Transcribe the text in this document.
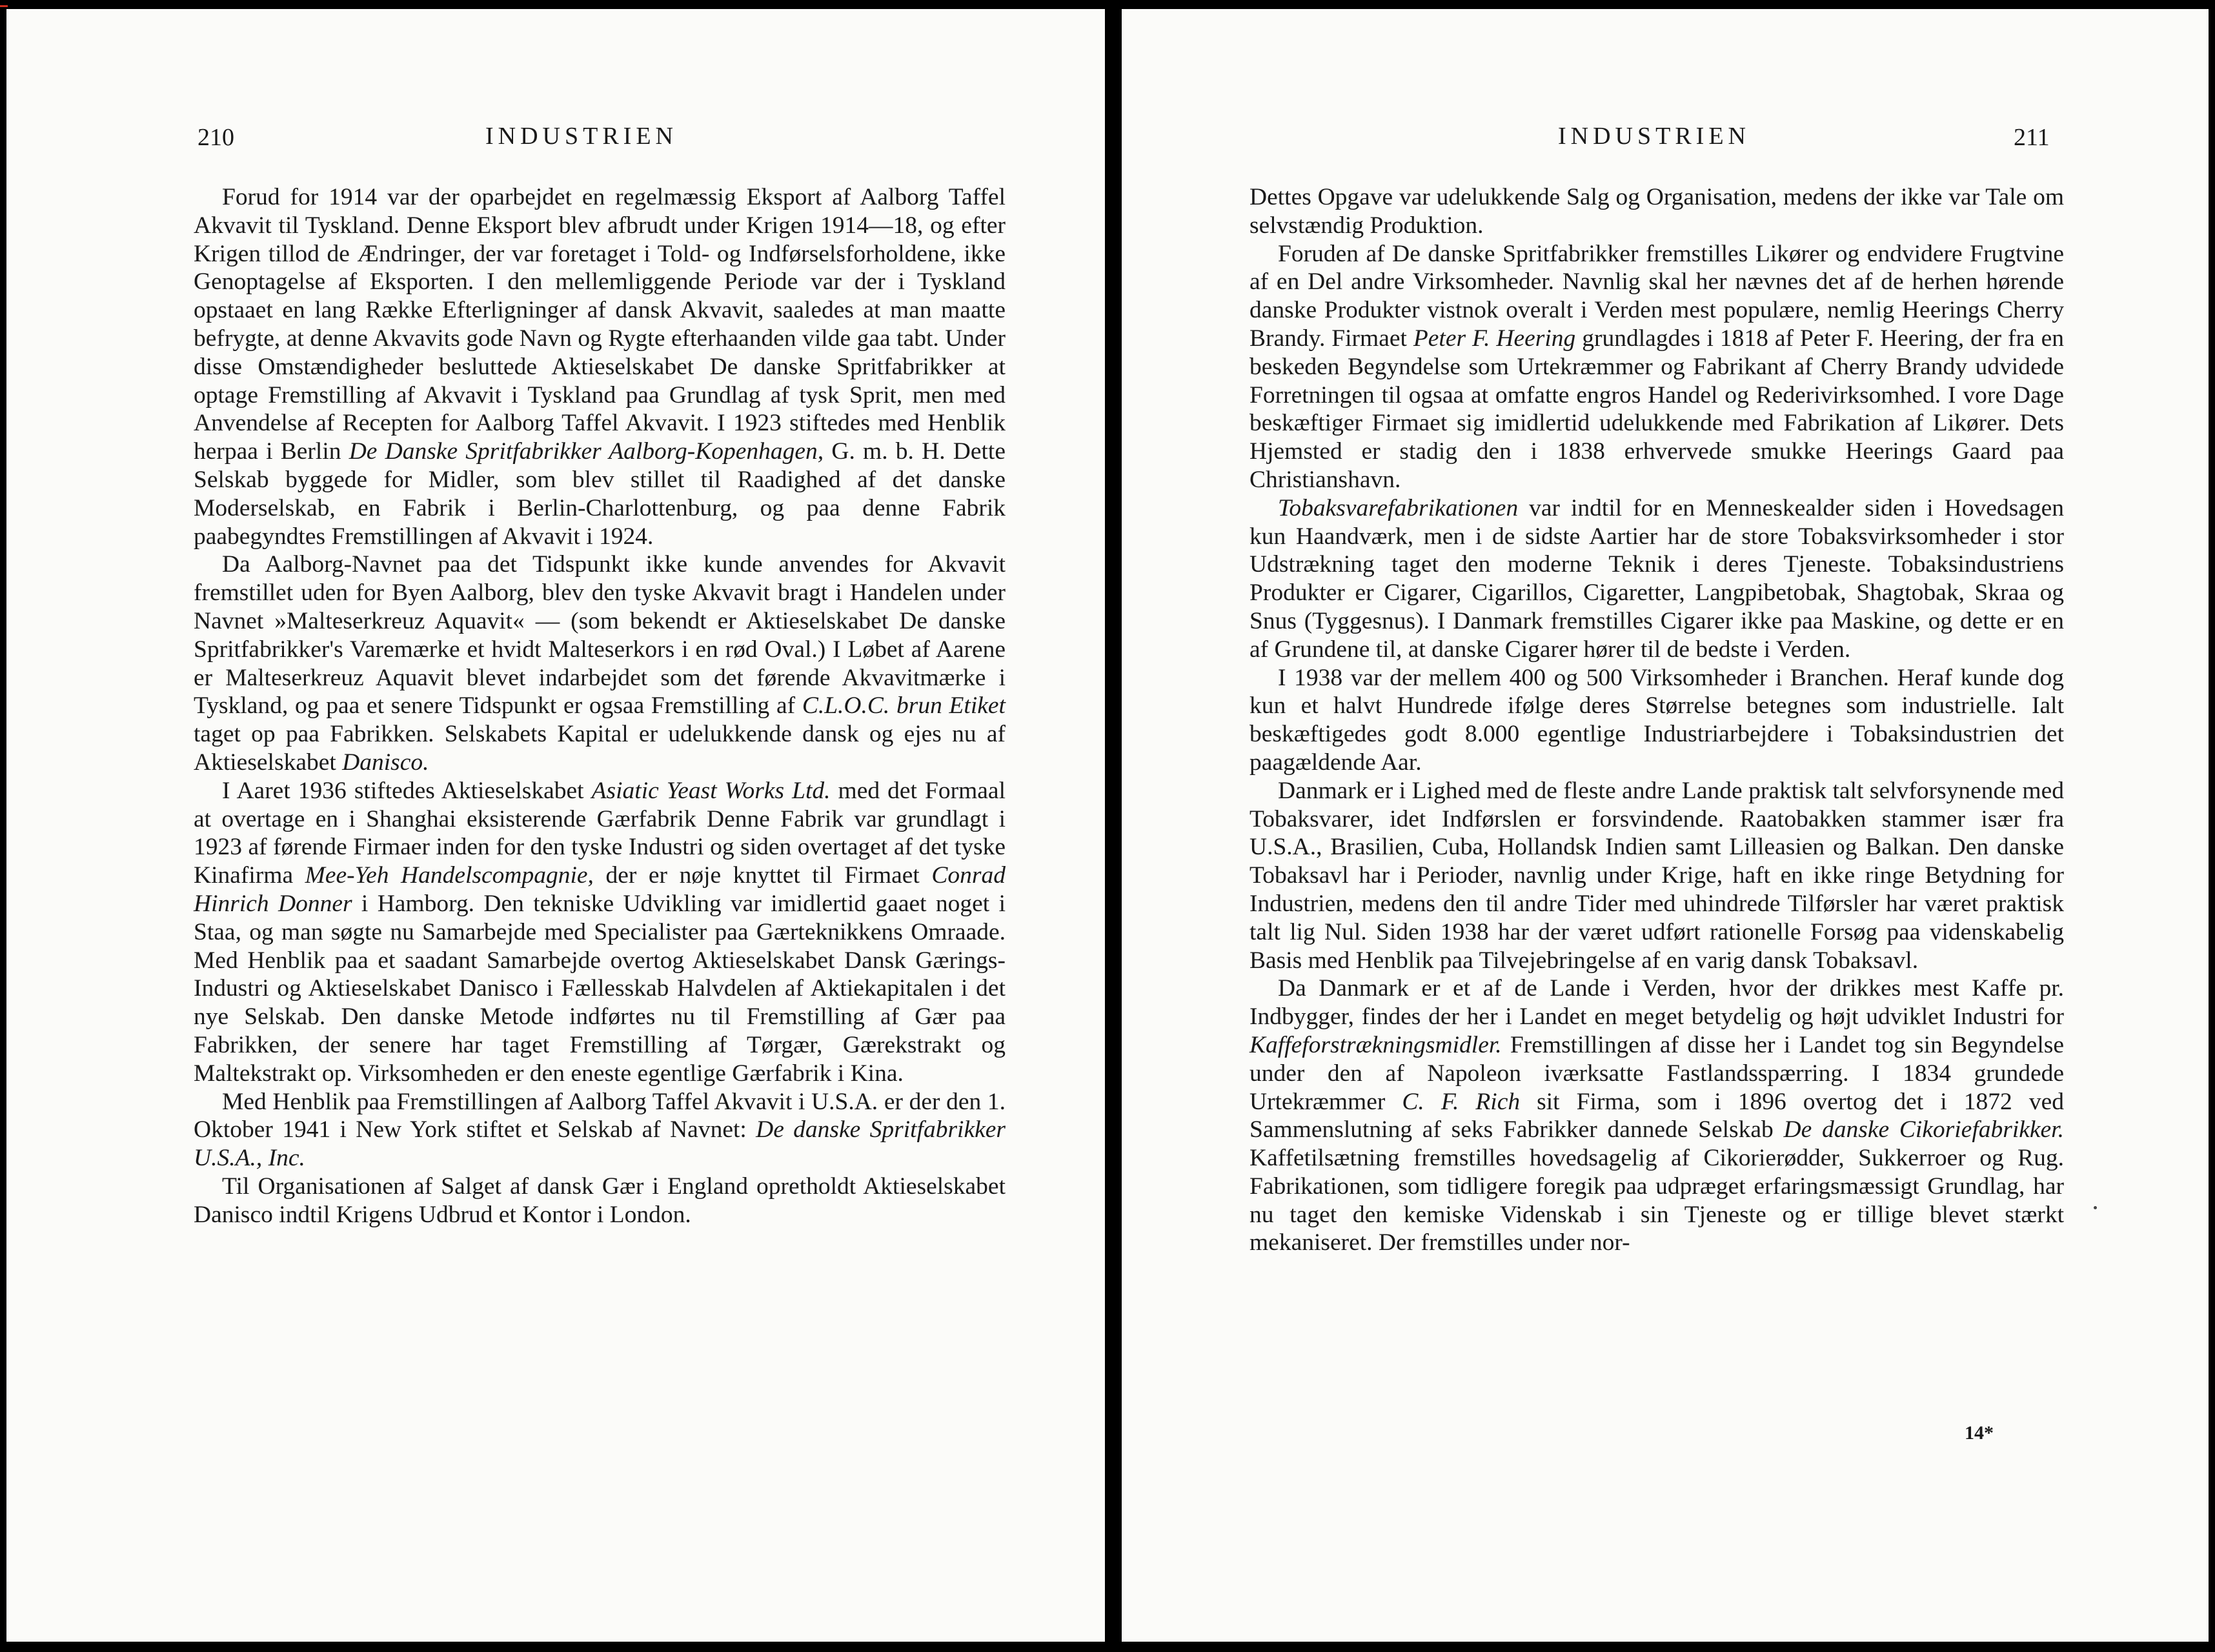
210	INDUSTRIEN

Forud for 1914 var der oparbejdet en regelmæssig Eksport af Aalborg Taffel Akvavit til Tyskland. Denne Eksport blev afbrudt under Krigen 1914—18, og efter Krigen tillod de Ændringer, der var foretaget i Told- og Indførselsforholdene, ikke Genoptagelse af Eksporten. I den mellemliggende Periode var der i Tyskland opstaaet en lang Række Efterligninger af dansk Akvavit, saaledes at man maatte befrygte, at denne Akvavits gode Navn og Rygte efterhaanden vilde gaa tabt. Under disse Omstændigheder besluttede Aktieselskabet De danske Spritfabrikker at optage Fremstilling af Akvavit i Tyskland paa Grundlag af tysk Sprit, men med Anvendelse af Recepten for Aalborg Taffel Akvavit. I 1923 stiftedes med Henblik herpaa i Berlin De Danske Spritfabrikker Aalborg-Kopenhagen, G. m. b. H. Dette Selskab byggede for Midler, som blev stillet til Raadighed af det danske Moderselskab, en Fabrik i Berlin-Charlottenburg, og paa denne Fabrik paabegyndtes Fremstillingen af Akvavit i 1924.

Da Aalborg-Navnet paa det Tidspunkt ikke kunde anvendes for Akvavit fremstillet uden for Byen Aalborg, blev den tyske Akvavit bragt i Handelen under Navnet »Malteserkreuz Aquavit« — (som bekendt er Aktieselskabet De danske Spritfabrikker's Varemærke et hvidt Malteserkors i en rød Oval.) I Løbet af Aarene er Malteserkreuz Aquavit blevet indarbejdet som det førende Akvavitmærke i Tyskland, og paa et senere Tidspunkt er ogsaa Fremstilling af C.L.O.C. brun Etiket taget op paa Fabrikken. Selskabets Kapital er udelukkende dansk og ejes nu af Aktieselskabet Danisco.

I Aaret 1936 stiftedes Aktieselskabet Asiatic Yeast Works Ltd. med det Formaal at overtage en i Shanghai eksisterende Gærfabrik Denne Fabrik var grundlagt i 1923 af førende Firmaer inden for den tyske Industri og siden overtaget af det tyske Kinafirma Mee-Yeh Handelscompagnie, der er nøje knyttet til Firmaet Conrad Hinrich Donner i Hamborg. Den tekniske Udvikling var imidlertid gaaet noget i Staa, og man søgte nu Samarbejde med Specialister paa Gærteknikkens Omraade. Med Henblik paa et saadant Samarbejde overtog Aktieselskabet Dansk Gærings-Industri og Aktieselskabet Danisco i Fællesskab Halvdelen af Aktiekapitalen i det nye Selskab. Den danske Metode indførtes nu til Fremstilling af Gær paa Fabrikken, der senere har taget Fremstilling af Tørgær, Gærekstrakt og Maltekstrakt op. Virksomheden er den eneste egentlige Gærfabrik i Kina.

Med Henblik paa Fremstillingen af Aalborg Taffel Akvavit i U.S.A. er der den 1. Oktober 1941 i New York stiftet et Selskab af Navnet: De danske Spritfabrikker U.S.A., Inc.

Til Organisationen af Salget af dansk Gær i England opretholdt Aktieselskabet Danisco indtil Krigens Udbrud et Kontor i London.

INDUSTRIEN	211

Dettes Opgave var udelukkende Salg og Organisation, medens der ikke var Tale om selvstændig Produktion.

Foruden af De danske Spritfabrikker fremstilles Likører og endvidere Frugtvine af en Del andre Virksomheder. Navnlig skal her nævnes det af de herhen hørende danske Produkter vistnok overalt i Verden mest populære, nemlig Heerings Cherry Brandy. Firmaet Peter F. Heering grundlagdes i 1818 af Peter F. Heering, der fra en beskeden Begyndelse som Urtekræmmer og Fabrikant af Cherry Brandy udvidede Forretningen til ogsaa at omfatte engros Handel og Rederivirksomhed. I vore Dage beskæftiger Firmaet sig imidlertid udelukkende med Fabrikation af Likører. Dets Hjemsted er stadig den i 1838 erhvervede smukke Heerings Gaard paa Christianshavn.

Tobaksvarefabrikationen var indtil for en Menneskealder siden i Hovedsagen kun Haandværk, men i de sidste Aartier har de store Tobaksvirksomheder i stor Udstrækning taget den moderne Teknik i deres Tjeneste. Tobaksindustriens Produkter er Cigarer, Cigarillos, Cigaretter, Langpibetobak, Shagtobak, Skraa og Snus (Tyggesnus). I Danmark fremstilles Cigarer ikke paa Maskine, og dette er en af Grundene til, at danske Cigarer hører til de bedste i Verden.

I 1938 var der mellem 400 og 500 Virksomheder i Branchen. Heraf kunde dog kun et halvt Hundrede ifølge deres Størrelse betegnes som industrielle. Ialt beskæftigedes godt 8.000 egentlige Industriarbejdere i Tobaksindustrien det paagældende Aar.

Danmark er i Lighed med de fleste andre Lande praktisk talt selvforsynende med Tobaksvarer, idet Indførslen er forsvindende. Raatobakken stammer især fra U.S.A., Brasilien, Cuba, Hollandsk Indien samt Lilleasien og Balkan. Den danske Tobaksavl har i Perioder, navnlig under Krige, haft en ikke ringe Betydning for Industrien, medens den til andre Tider med uhindrede Tilførsler har været praktisk talt lig Nul. Siden 1938 har der været udført rationelle Forsøg paa videnskabelig Basis med Henblik paa Tilvejebringelse af en varig dansk Tobaksavl.

Da Danmark er et af de Lande i Verden, hvor der drikkes mest Kaffe pr. Indbygger, findes der her i Landet en meget betydelig og højt udviklet Industri for Kaffeforstrækningsmidler. Fremstillingen af disse her i Landet tog sin Begyndelse under den af Napoleon iværksatte Fastlandsspærring. I 1834 grundede Urtekræmmer C. F. Rich sit Firma, som i 1896 overtog det i 1872 ved Sammenslutning af seks Fabrikker dannede Selskab De danske Cikoriefabrikker. Kaffetilsætning fremstilles hovedsagelig af Cikorierødder, Sukkerroer og Rug. Fabrikationen, som tidligere foregik paa udpræget erfaringsmæssigt Grundlag, har nu taget den kemiske Videnskab i sin Tjeneste og er tillige blevet stærkt mekaniseret. Der fremstilles under nor-

14*
